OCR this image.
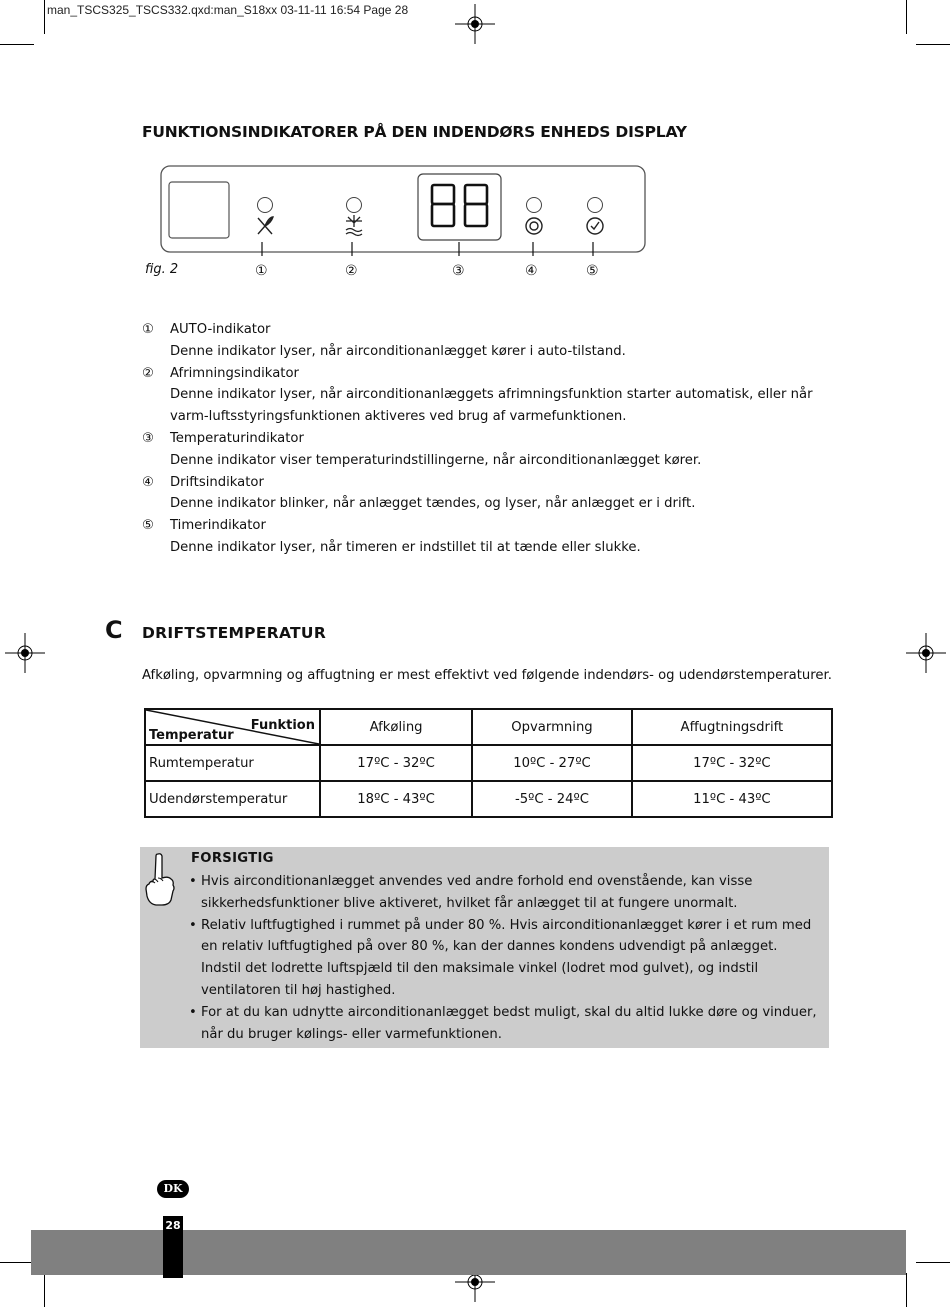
man_TSCS325_TSCS332.qxd:man_S18xx 03-11-11 16:54 Page 28
FUNKTIONSINDIKATORER PÅ DEN INDENDØRS ENHEDS DISPLAY
fig. 2	①	②	③	④	⑤
①	AUTO-indikator
Denne indikator lyser, når airconditionanlægget kører i auto-tilstand.
②	Afrimningsindikator
Denne indikator lyser, når airconditionanlæggets afrimningsfunktion starter automatisk, eller når varm-luftsstyringsfunktionen aktiveres ved brug af varmefunktionen.
③	Temperaturindikator
Denne indikator viser temperaturindstillingerne, når airconditionanlægget kører.
④	Driftsindikator
Denne indikator blinker, når anlægget tændes, og lyser, når anlægget er i drift.
⑤	Timerindikator
Denne indikator lyser, når timeren er indstillet til at tænde eller slukke.
C DRIFTSTEMPERATUR
Afkøling, opvarmning og affugtning er mest effektivt ved følgende indendørs- og udendørstemperaturer.
Funktion
Temperatur	Afkøling	Opvarmning	Affugtningsdrift
Rumtemperatur	17ºC - 32ºC	10ºC - 27ºC	17ºC - 32ºC
Udendørstemperatur	18ºC - 43ºC	-5ºC - 24ºC	11ºC - 43ºC
FORSIGTIG
• Hvis airconditionanlægget anvendes ved andre forhold end ovenstående, kan visse sikkerhedsfunktioner blive aktiveret, hvilket får anlægget til at fungere unormalt.
• Relativ luftfugtighed i rummet på under 80 %. Hvis airconditionanlægget kører i et rum med en relativ luftfugtighed på over 80 %, kan der dannes kondens udvendigt på anlægget. Indstil det lodrette luftspjæld til den maksimale vinkel (lodret mod gulvet), og indstil ventilatoren til høj hastighed.
• For at du kan udnytte airconditionanlægget bedst muligt, skal du altid lukke døre og vinduer, når du bruger kølings- eller varmefunktionen.
DK
28
